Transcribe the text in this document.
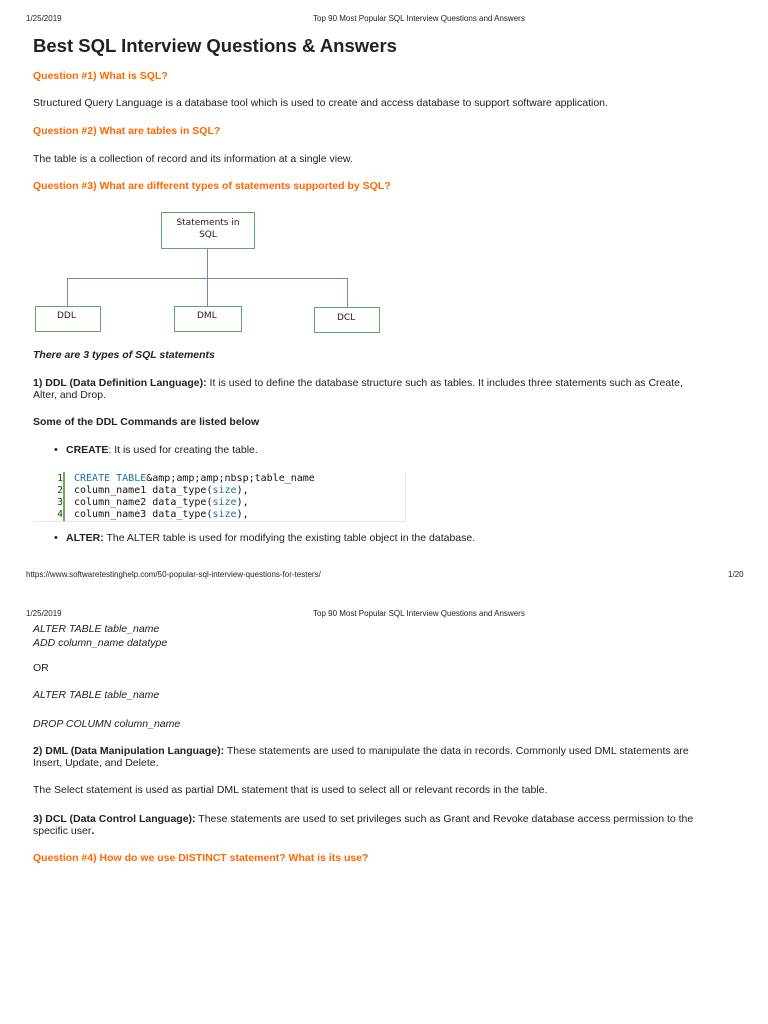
1/25/2019	Top 90 Most Popular SQL Interview Questions and Answers
Best SQL Interview Questions & Answers
Question #1) What is SQL?
Structured Query Language is a database tool which is used to create and access database to support software application.
Question #2) What are tables in SQL?
The table is a collection of record and its information at a single view.
Question #3) What are different types of statements supported by SQL?
Statements in
SQL
DDL	DML	DCL
There are 3 types of SQL statements
1) DDL (Data Definition Language): It is used to define the database structure such as tables. It includes three statements such as Create,
Alter, and Drop.
Some of the DDL Commands are listed below
• CREATE: It is used for creating the table.
1 CREATE TABLE&amp;amp;amp;nbsp;table_name
2 column_name1 data_type(size),
3 column_name2 data_type(size),
4 column_name3 data_type(size),
• ALTER: The ALTER table is used for modifying the existing table object in the database.
https://www.softwaretestinghelp.com/50-popular-sql-interview-questions-for-testers/	1/20
1/25/2019	Top 90 Most Popular SQL Interview Questions and Answers
ALTER TABLE table_name
ADD column_name datatype
OR
ALTER TABLE table_name
DROP COLUMN column_name
2) DML (Data Manipulation Language): These statements are used to manipulate the data in records. Commonly used DML statements are
Insert, Update, and Delete.
The Select statement is used as partial DML statement that is used to select all or relevant records in the table.
3) DCL (Data Control Language): These statements are used to set privileges such as Grant and Revoke database access permission to the
specific user.
Question #4) How do we use DISTINCT statement? What is its use?
